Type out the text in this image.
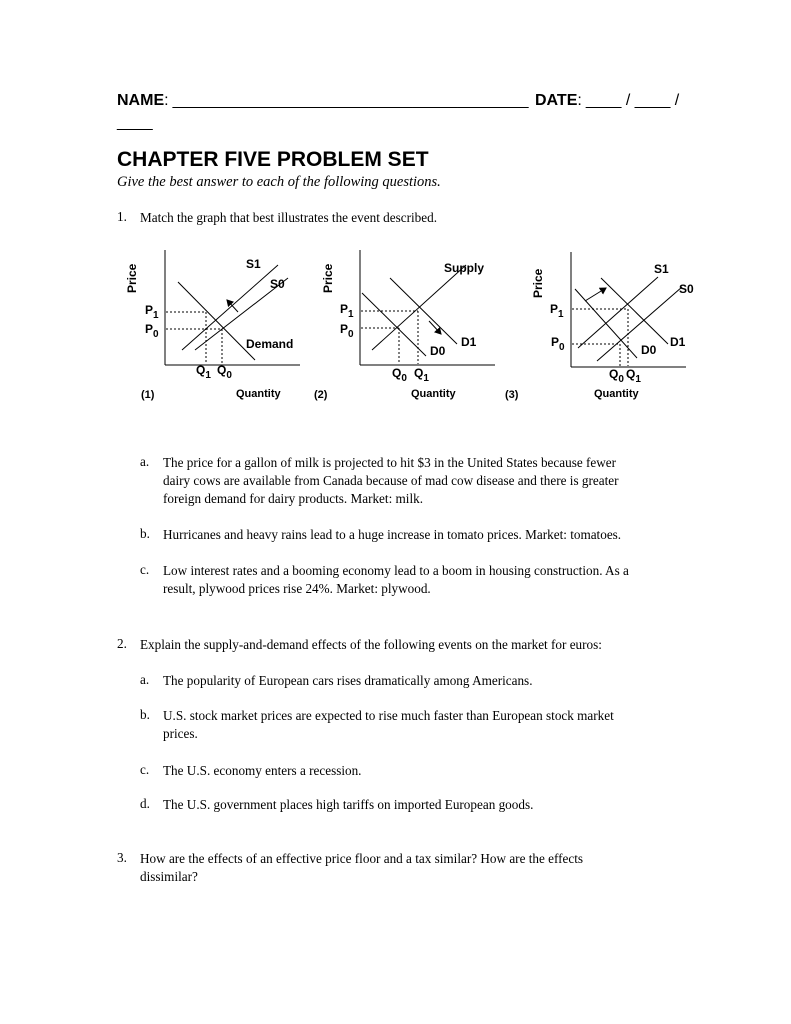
NAME: ________________________________________ DATE: ____ / ____ /
____
CHAPTER FIVE PROBLEM SET
Give the best answer to each of the following questions.
1. Match the graph that best illustrates the event described.
Price	S1
S0
$P_1$
$P_0$
Demand
$Q_1$ $Q_0$
(1)	Quantity
Price	Supply
$P_1$
$P_0$
D1
D0
$Q_0$ $Q_1$
(2)	Quantity
Price	S1
S0
$P_1$
$P_0$	D1
D0
$Q_0$ $Q_1$
(3)	Quantity
a. The price for a gallon of milk is projected to hit $3 in the United States because fewer
dairy cows are available from Canada because of mad cow disease and there is greater
foreign demand for dairy products. Market: milk.
b. Hurricanes and heavy rains lead to a huge increase in tomato prices. Market: tomatoes.
c. Low interest rates and a booming economy lead to a boom in housing construction. As a
result, plywood prices rise 24%. Market: plywood.
2. Explain the supply-and-demand effects of the following events on the market for euros:
a. The popularity of European cars rises dramatically among Americans.
b. U.S. stock market prices are expected to rise much faster than European stock market
prices.
c. The U.S. economy enters a recession.
d. The U.S. government places high tariffs on imported European goods.
3. How are the effects of an effective price floor and a tax similar? How are the effects
dissimilar?
